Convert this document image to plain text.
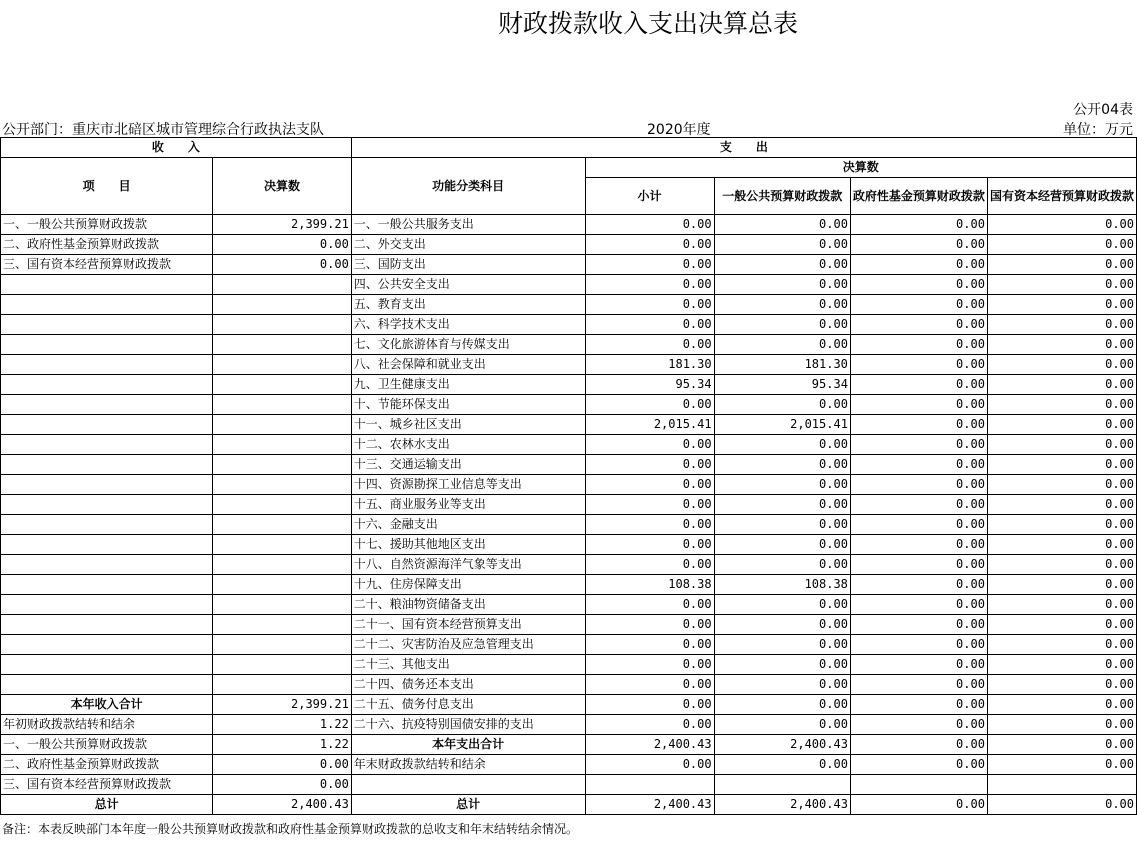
财政拨款收入支出决算总表
公开04表
公开部门：重庆市北碚区城市管理综合行政执法支队	2020年度	单位：万元
收　　入		支　　出				
项　　目	决算数	功能分类科目	决算数			
			小计	一般公共预算财政拨款	政府性基金预算财政拨款	国有资本经营预算财政拨款

一、一般公共预算财政拨款	2,399.21	一、一般公共服务支出	0.00	0.00	0.00	0.00
二、政府性基金预算财政拨款	0.00	二、外交支出	0.00	0.00	0.00	0.00
三、国有资本经营预算财政拨款	0.00	三、国防支出	0.00	0.00	0.00	0.00
		四、公共安全支出	0.00	0.00	0.00	0.00
		五、教育支出	0.00	0.00	0.00	0.00
		六、科学技术支出	0.00	0.00	0.00	0.00
		七、文化旅游体育与传媒支出	0.00	0.00	0.00	0.00
		八、社会保障和就业支出	181.30	181.30	0.00	0.00
		九、卫生健康支出	95.34	95.34	0.00	0.00
		十、节能环保支出	0.00	0.00	0.00	0.00
		十一、城乡社区支出	2,015.41	2,015.41	0.00	0.00
		十二、农林水支出	0.00	0.00	0.00	0.00
		十三、交通运输支出	0.00	0.00	0.00	0.00
		十四、资源勘探工业信息等支出	0.00	0.00	0.00	0.00
		十五、商业服务业等支出	0.00	0.00	0.00	0.00
		十六、金融支出	0.00	0.00	0.00	0.00
		十七、援助其他地区支出	0.00	0.00	0.00	0.00
		十八、自然资源海洋气象等支出	0.00	0.00	0.00	0.00
		十九、住房保障支出	108.38	108.38	0.00	0.00
		二十、粮油物资储备支出	0.00	0.00	0.00	0.00
		二十一、国有资本经营预算支出	0.00	0.00	0.00	0.00
		二十二、灾害防治及应急管理支出	0.00	0.00	0.00	0.00
		二十三、其他支出	0.00	0.00	0.00	0.00
		二十四、债务还本支出	0.00	0.00	0.00	0.00
本年收入合计	2,399.21	二十五、债务付息支出	0.00	0.00	0.00	0.00
年初财政拨款结转和结余	1.22	二十六、抗疫特别国债安排的支出	0.00	0.00	0.00	0.00
一、一般公共预算财政拨款	1.22	本年支出合计	2,400.43	2,400.43	0.00	0.00
二、政府性基金预算财政拨款	0.00	年末财政拨款结转和结余	0.00	0.00	0.00	0.00
三、国有资本经营预算财政拨款	0.00					
总计	2,400.43	总计	2,400.43	2,400.43	0.00	0.00
备注：本表反映部门本年度一般公共预算财政拨款和政府性基金预算财政拨款的总收支和年末结转结余情况。
